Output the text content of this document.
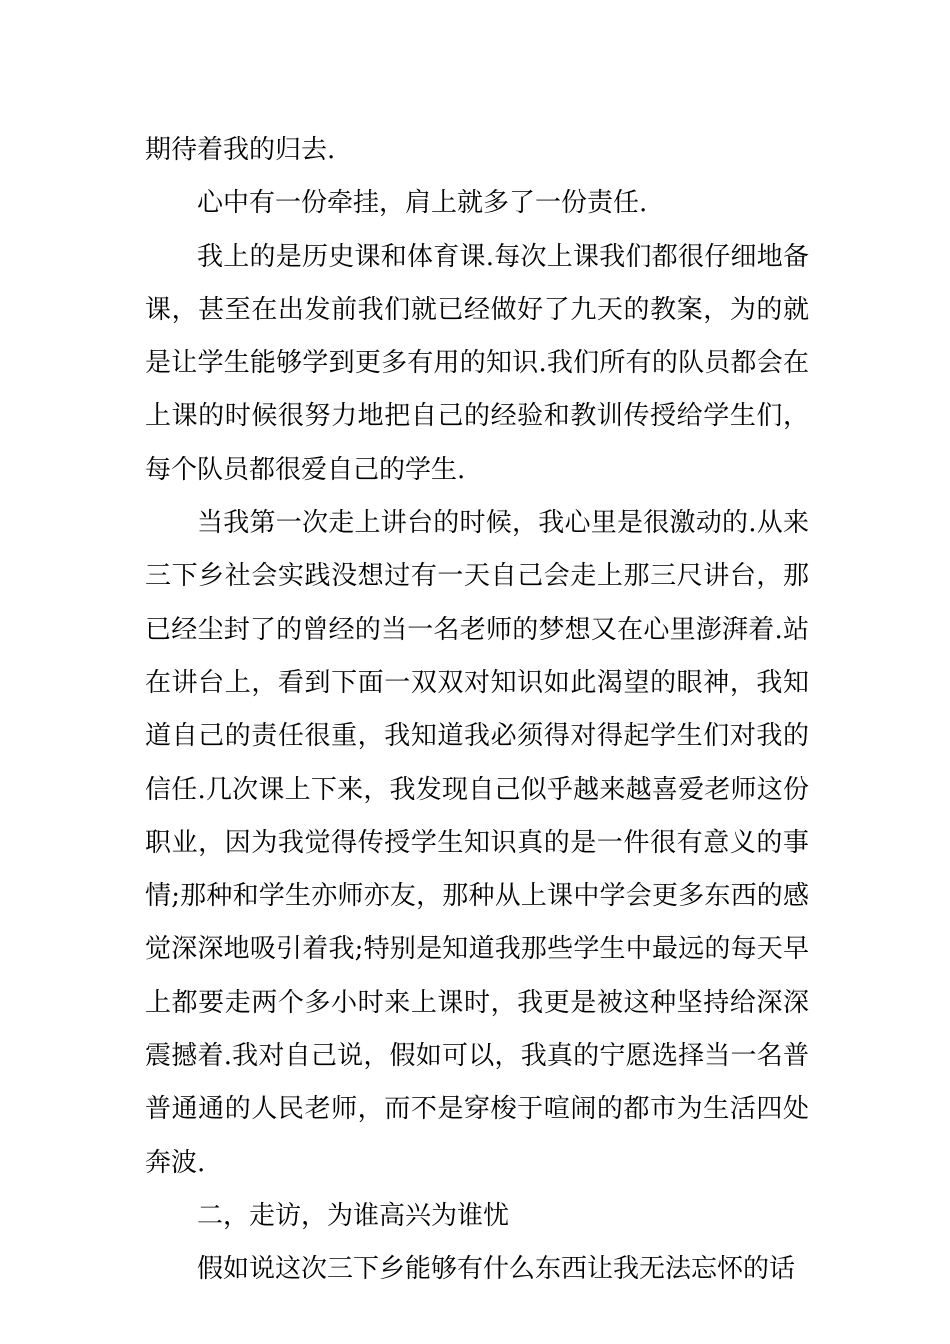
期待着我的归去.

心中有一份牵挂，肩上就多了一份责任.

我上的是历史课和体育课.每次上课我们都很仔细地备课，甚至在出发前我们就已经做好了九天的教案，为的就是让学生能够学到更多有用的知识.我们所有的队员都会在上课的时候很努力地把自己的经验和教训传授给学生们，每个队员都很爱自己的学生.

当我第一次走上讲台的时候，我心里是很激动的.从来三下乡社会实践没想过有一天自己会走上那三尺讲台，那已经尘封了的曾经的当一名老师的梦想又在心里澎湃着.站在讲台上，看到下面一双双对知识如此渴望的眼神，我知道自己的责任很重，我知道我必须得对得起学生们对我的信任.几次课上下来，我发现自己似乎越来越喜爱老师这份职业，因为我觉得传授学生知识真的是一件很有意义的事情;那种和学生亦师亦友，那种从上课中学会更多东西的感觉深深地吸引着我;特别是知道我那些学生中最远的每天早上都要走两个多小时来上课时，我更是被这种坚持给深深震撼着.我对自己说，假如可以，我真的宁愿选择当一名普普通通的人民老师，而不是穿梭于喧闹的都市为生活四处奔波.

二，走访，为谁高兴为谁忧

假如说这次三下乡能够有什么东西让我无法忘怀的话
